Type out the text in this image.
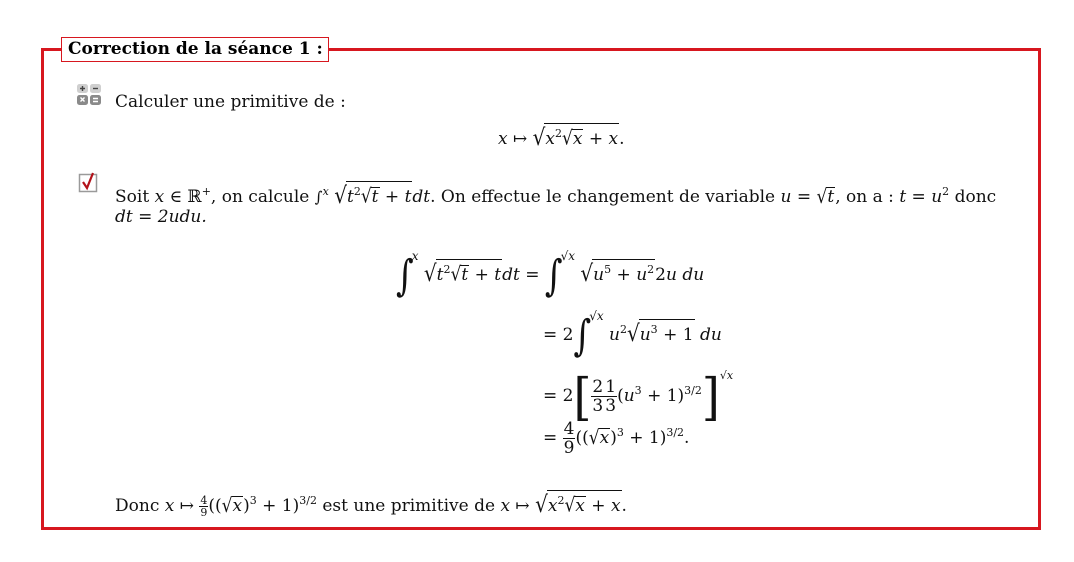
Correction de la séance 1 :
Calculer une primitive de :
x ↦ $√x^2√x + x$.
Soit x ∈ ℝ+, on calcule ∫$^x$ $√t^2√t$ + tdt. On effectue le changement de variable u = √t, on a : $t = u^2$ donc
dt = 2udu.
∫$^x$ $√t^2√t$ + tdt = ∫$^{√x}$ $√u^5 + u^22u$ du
= 2∫$^{√x}$ $u^2√u^3 + 1$ du
= $2[ \frac{2}{3} \frac{1}{3} (u^3 + 1)^{3/2}]^{√x}$
= $\frac{4}{9} ((√x)^3 + 1)^{3/2}$.
Donc x ↦ $\frac{4}{9} ((√x)^3 + 1)^{3/2}$ est une primitive de x ↦ $√x^2√x + x$.
